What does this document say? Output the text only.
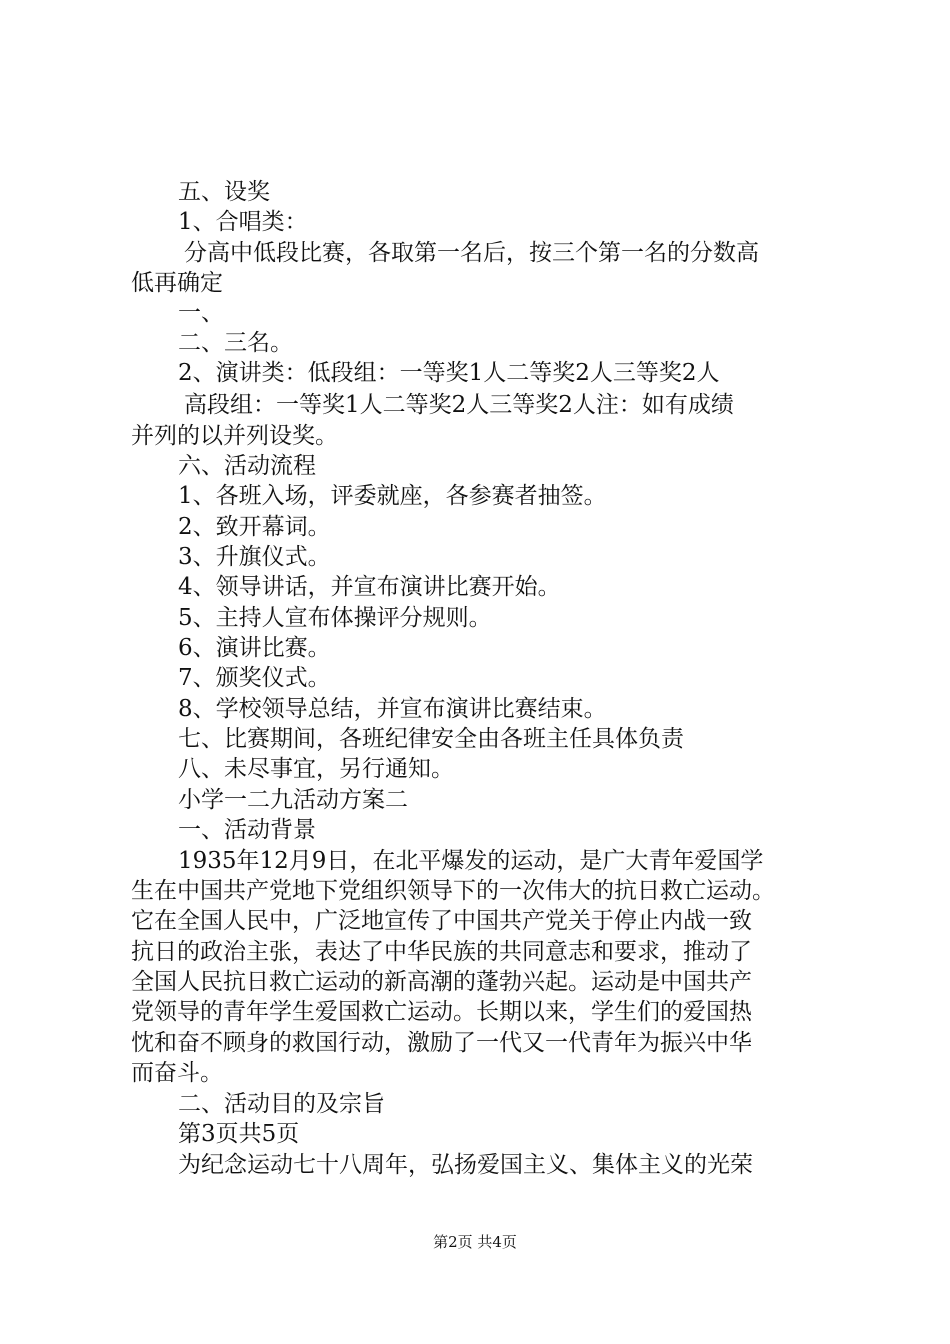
五、设奖
1、合唱类：
分高中低段比赛，各取第一名后，按三个第一名的分数高
低再确定
一、
二、三名。
2、演讲类：低段组：一等奖1人二等奖2人三等奖2人
高段组：一等奖1人二等奖2人三等奖2人注：如有成绩
并列的以并列设奖。
六、活动流程
1、各班入场，评委就座，各参赛者抽签。
2、致开幕词。
3、升旗仪式。
4、领导讲话，并宣布演讲比赛开始。
5、主持人宣布体操评分规则。
6、演讲比赛。
7、颁奖仪式。
8、学校领导总结，并宣布演讲比赛结束。
七、比赛期间，各班纪律安全由各班主任具体负责
八、未尽事宜，另行通知。
小学一二九活动方案二
一、活动背景
1935年12月9日，在北平爆发的运动，是广大青年爱国学
生在中国共产党地下党组织领导下的一次伟大的抗日救亡运动。
它在全国人民中，广泛地宣传了中国共产党关于停止内战一致
抗日的政治主张，表达了中华民族的共同意志和要求，推动了
全国人民抗日救亡运动的新高潮的蓬勃兴起。运动是中国共产
党领导的青年学生爱国救亡运动。长期以来，学生们的爱国热
忱和奋不顾身的救国行动，激励了一代又一代青年为振兴中华
而奋斗。
二、活动目的及宗旨
第3页共5页
为纪念运动七十八周年，弘扬爱国主义、集体主义的光荣
第2页 共4页
